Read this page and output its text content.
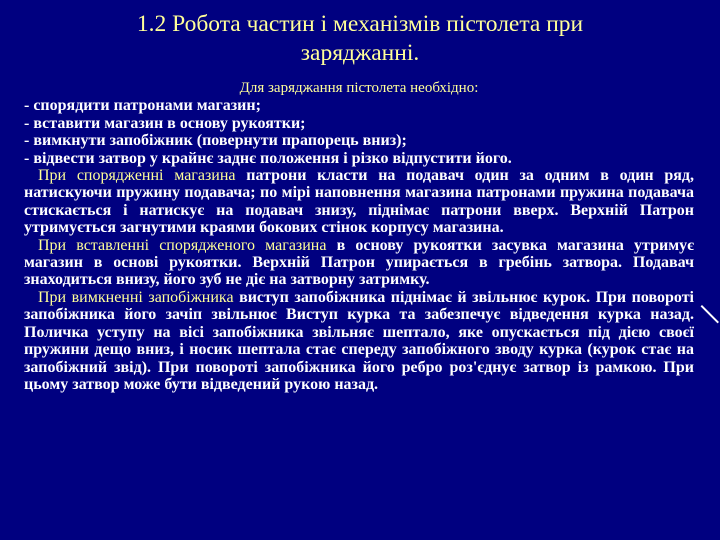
1.2 Робота частин і механізмів пістолета при
заряджанні.

Для заряджання пістолета необхідно:

- спорядити патронами магазин;

- вставити магазин в основу рукоятки;

- вимкнути запобіжник (повернути прапорець вниз);

- відвести затвор у крайнє заднє положення і різко відпустити його.

При спорядженні магазина патрони класти на подавач один за одним в один ряд, натискуючи пружину подавача; по мірі наповнення магазина патронами пружина подавача стискається і натискує на подавач знизу, піднімає патрони вверх. Верхній Патрон утримується загнутими краями бокових стінок корпусу магазина.

При вставленні спорядженого магазина в основу рукоятки засувка магазина утримує магазин в основі рукоятки. Верхній Патрон упирається в гребінь затвора. Подавач знаходиться внизу, його зуб не діє на затворну затримку.

При вимкненні запобіжника виступ запобіжника піднімає й звільнює курок. При повороті запобіжника його зачіп звільнює Виступ курка та забезпечує відведення курка назад. Поличка уступу на вісі запобіжника звільняє шептало, яке опускається під дією своєї пружини дещо вниз, і носик шептала стає спереду запобіжного зводу курка (курок стає на запобіжний звід). При повороті запобіжника його ребро роз'єднує затвор із рамкою. При цьому затвор може бути відведений рукою назад.
